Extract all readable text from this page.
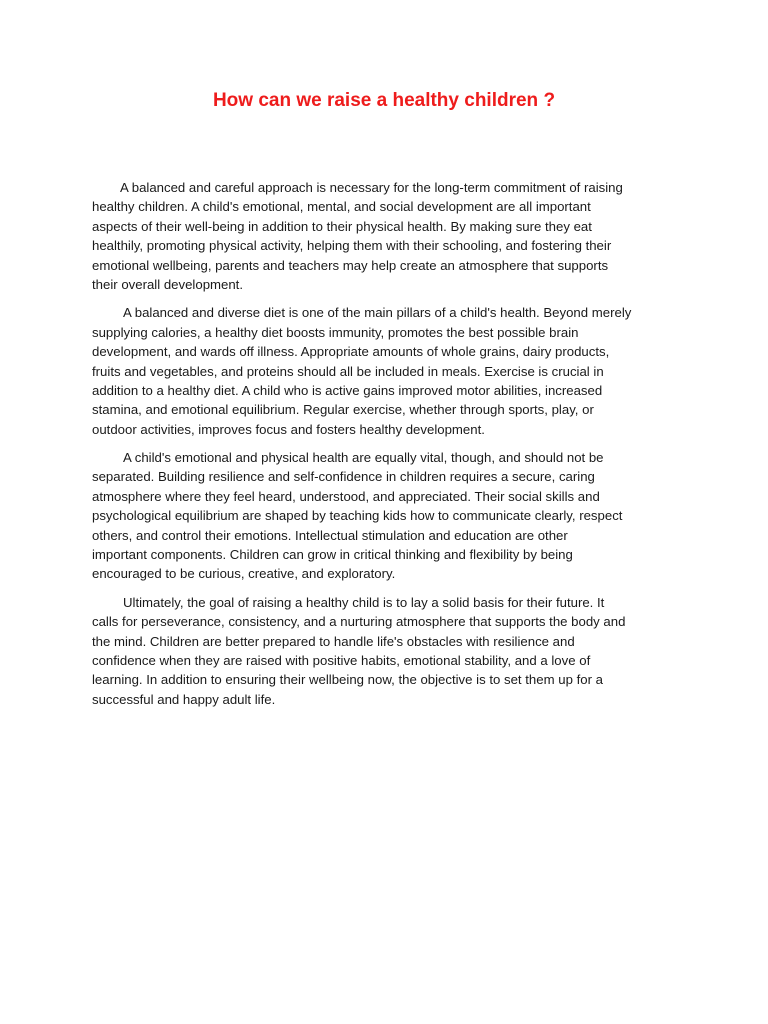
How can we raise a healthy children ?

A balanced and careful approach is necessary for the long-term commitment of raising
healthy children. A child's emotional, mental, and social development are all important
aspects of their well-being in addition to their physical health. By making sure they eat
healthily, promoting physical activity, helping them with their schooling, and fostering their
emotional wellbeing, parents and teachers may help create an atmosphere that supports
their overall development.

A balanced and diverse diet is one of the main pillars of a child's health. Beyond merely
supplying calories, a healthy diet boosts immunity, promotes the best possible brain
development, and wards off illness. Appropriate amounts of whole grains, dairy products,
fruits and vegetables, and proteins should all be included in meals. Exercise is crucial in
addition to a healthy diet. A child who is active gains improved motor abilities, increased
stamina, and emotional equilibrium. Regular exercise, whether through sports, play, or
outdoor activities, improves focus and fosters healthy development.

A child's emotional and physical health are equally vital, though, and should not be
separated. Building resilience and self-confidence in children requires a secure, caring
atmosphere where they feel heard, understood, and appreciated. Their social skills and
psychological equilibrium are shaped by teaching kids how to communicate clearly, respect
others, and control their emotions. Intellectual stimulation and education are other
important components. Children can grow in critical thinking and flexibility by being
encouraged to be curious, creative, and exploratory.

Ultimately, the goal of raising a healthy child is to lay a solid basis for their future. It
calls for perseverance, consistency, and a nurturing atmosphere that supports the body and
the mind. Children are better prepared to handle life's obstacles with resilience and
confidence when they are raised with positive habits, emotional stability, and a love of
learning. In addition to ensuring their wellbeing now, the objective is to set them up for a
successful and happy adult life.
